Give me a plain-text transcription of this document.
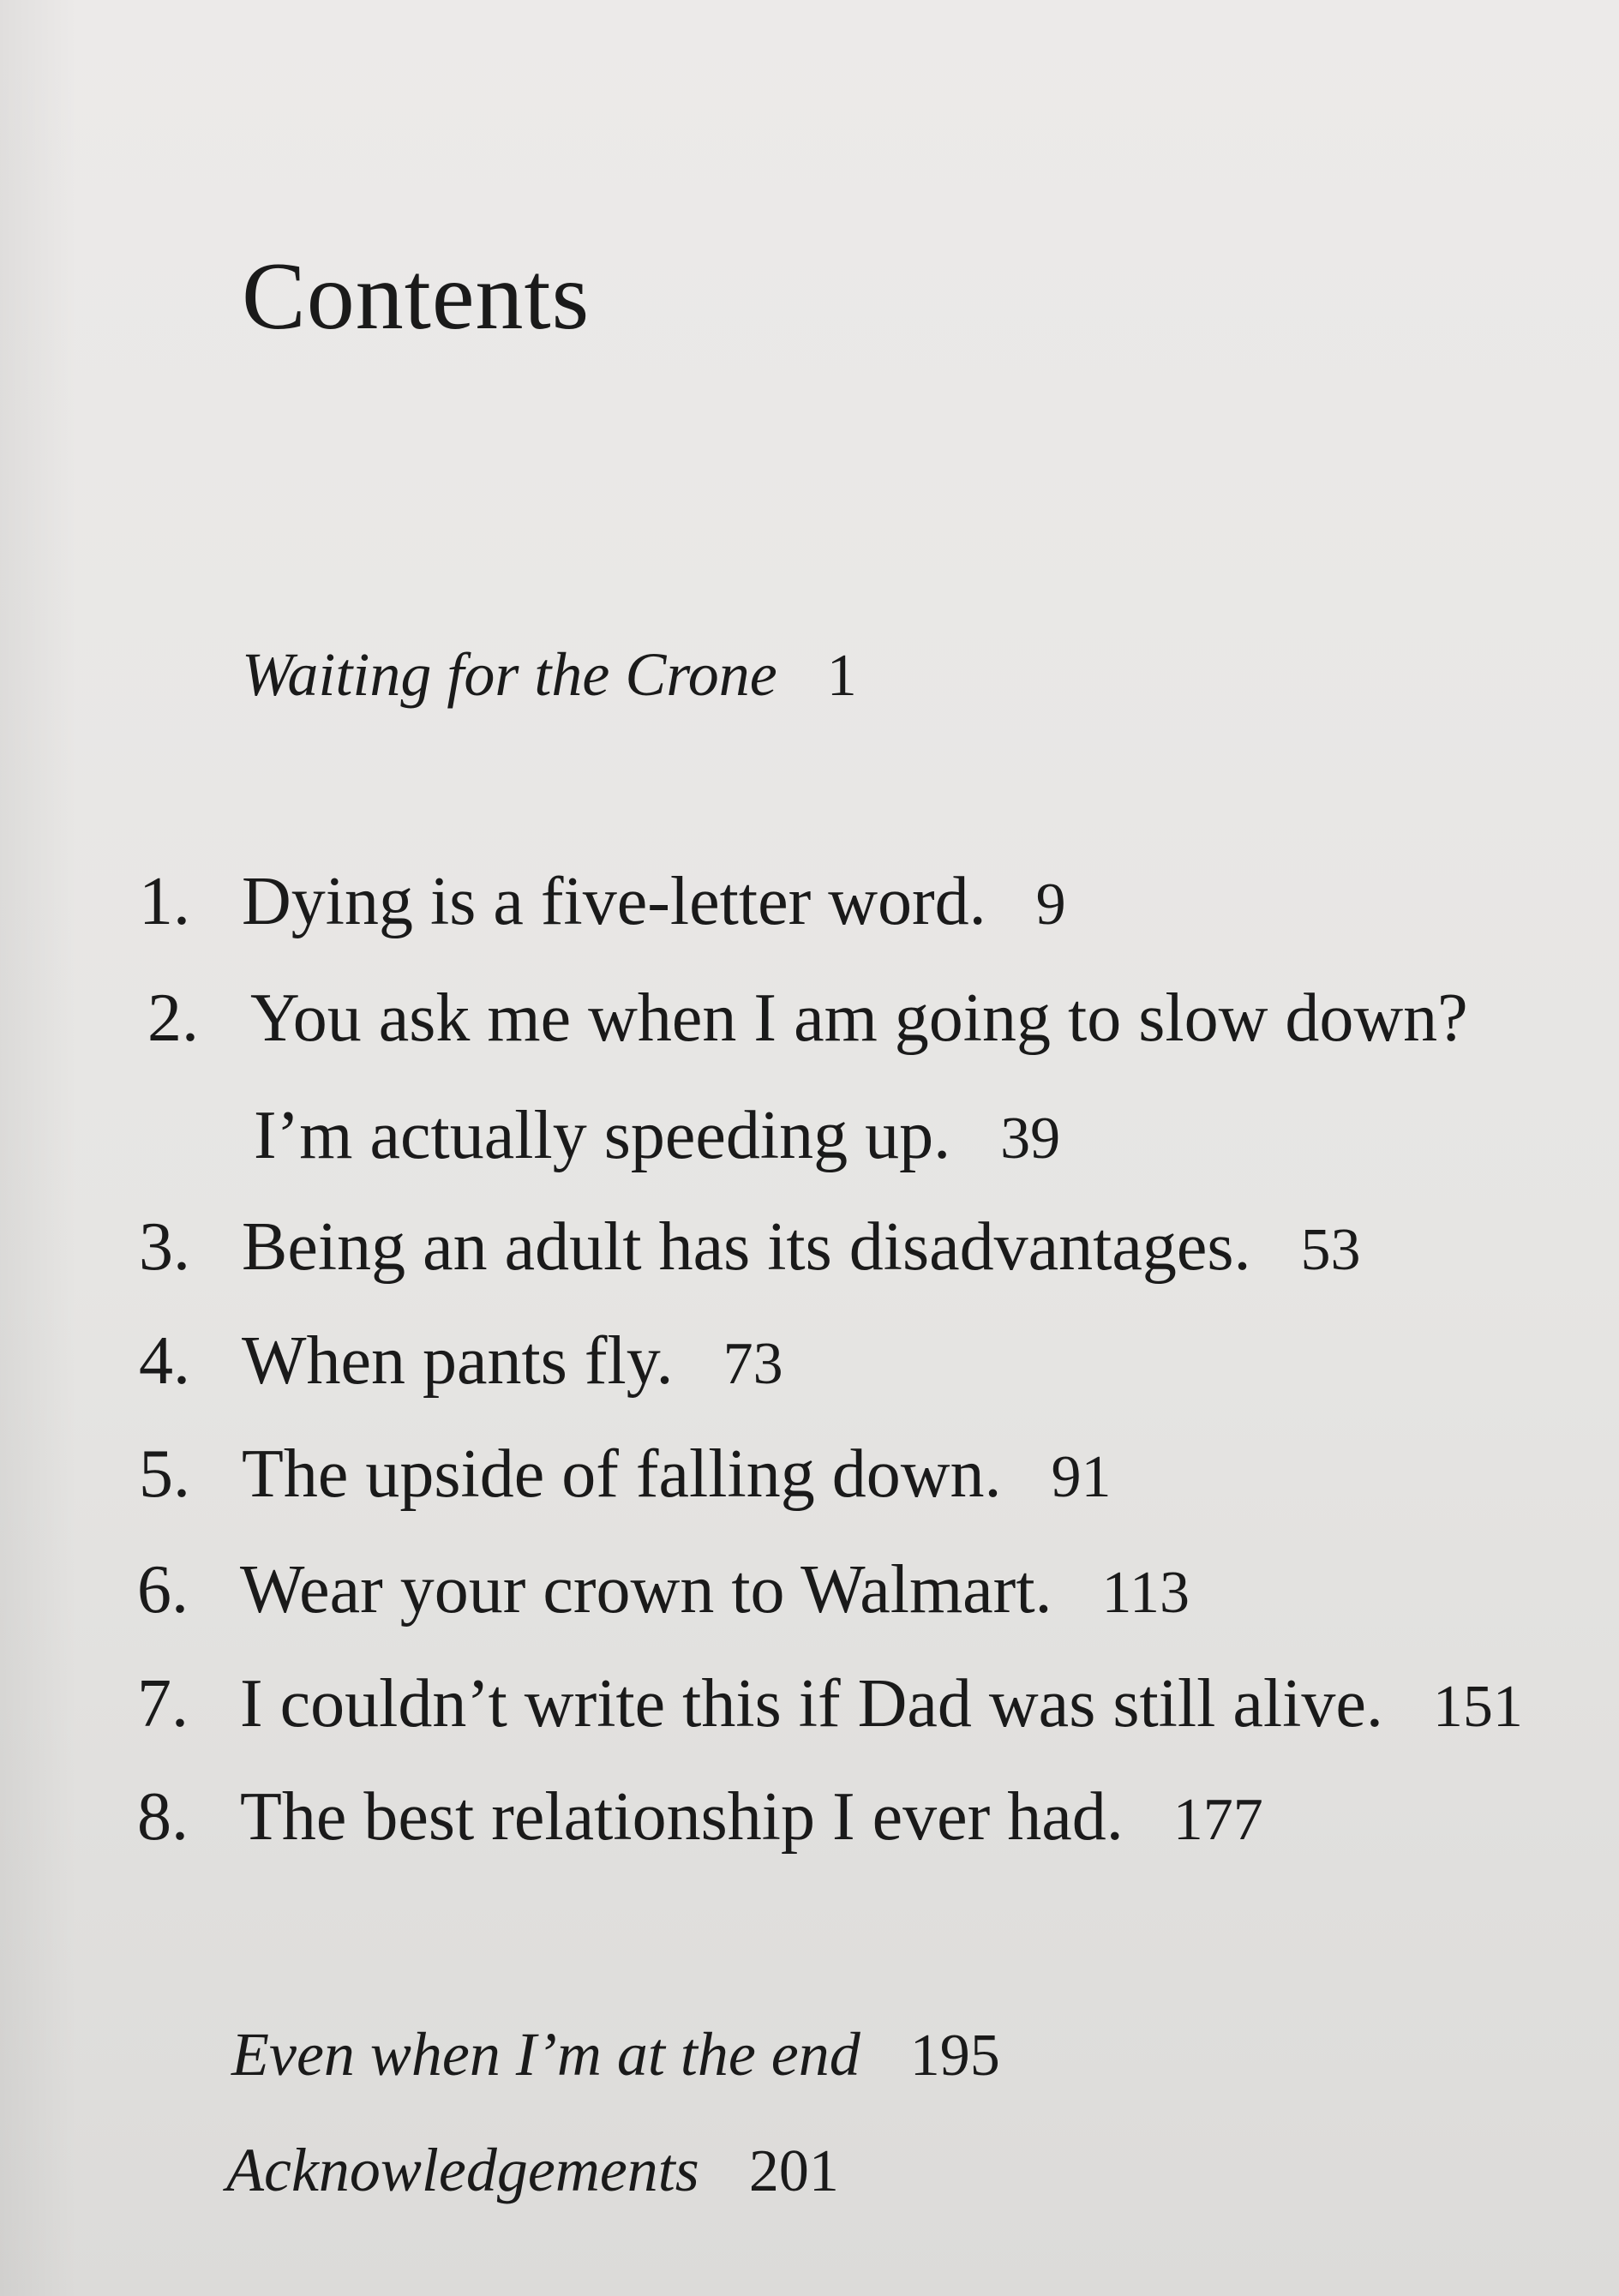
Contents
Waiting for the Crone 1
1. Dying is a five-letter word. 9
2. You ask me when I am going to slow down?
I’m actually speeding up. 39
3. Being an adult has its disadvantages. 53
4. When pants fly. 73
5. The upside of falling down. 91
6. Wear your crown to Walmart. 113
7. I couldn’t write this if Dad was still alive. 151
8. The best relationship I ever had. 177
Even when I’m at the end 195
Acknowledgements 201
